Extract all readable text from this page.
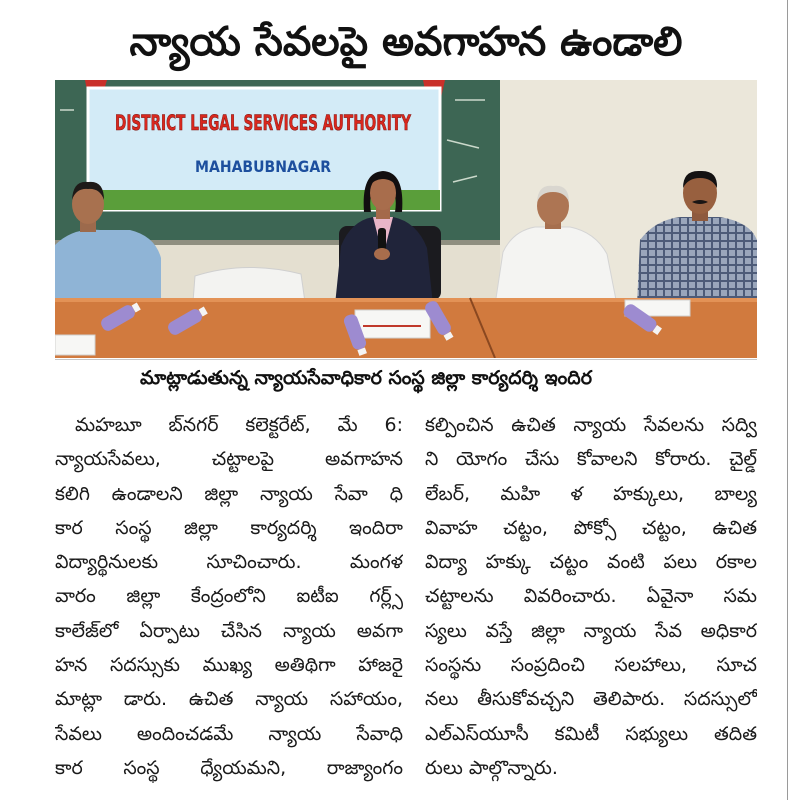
న్యాయ సేవలపై అవగాహన ఉండాలి
DISTRICT LEGAL SERVICES AUTHORITY
MAHABUBNAGAR
మాట్లాడుతున్న న్యాయసేవాధికార సంస్థ జిల్లా కార్యదర్శి ఇందిర
మహబూ బ్‌నగర్ కలెక్టరేట్, మే 6:
న్యాయసేవలు, చట్టాలపై అవగాహన
కలిగి ఉండాలని జిల్లా న్యాయ సేవా ధి
కార సంస్థ జిల్లా కార్యదర్శి ఇందిరా
విద్యార్థినులకు సూచించారు. మంగళ
వారం జిల్లా కేంద్రంలోని ఐటీఐ గర్ల్స్
కాలేజ్‌లో ఏర్పాటు చేసిన న్యాయ అవగా
హన సదస్సుకు ముఖ్య అతిథిగా హాజరై
మాట్లా డారు. ఉచిత న్యాయ సహాయం,
సేవలు అందించడమే న్యాయ సేవాధి
కార సంస్థ ధ్యేయమని, రాజ్యాంగం
కల్పించిన ఉచిత న్యాయ సేవలను సద్వి
ని యోగం చేసు కోవాలని కోరారు. చైల్డ్
లేబర్, మహి ళ హక్కులు, బాల్య
వివాహ చట్టం, పోక్సో చట్టం, ఉచిత
విద్యా హక్కు చట్టం వంటి పలు రకాల
చట్టాలను వివరించారు. ఏవైనా సమ
స్యలు వస్తే జిల్లా న్యాయ సేవ అధికార
సంస్థను సంప్రదించి సలహాలు, సూచ
నలు తీసుకోవచ్చని తెలిపారు. సదస్సులో
ఎల్ఎస్‌యూసీ కమిటీ సభ్యులు తదిత
రులు పాల్గొన్నారు.
